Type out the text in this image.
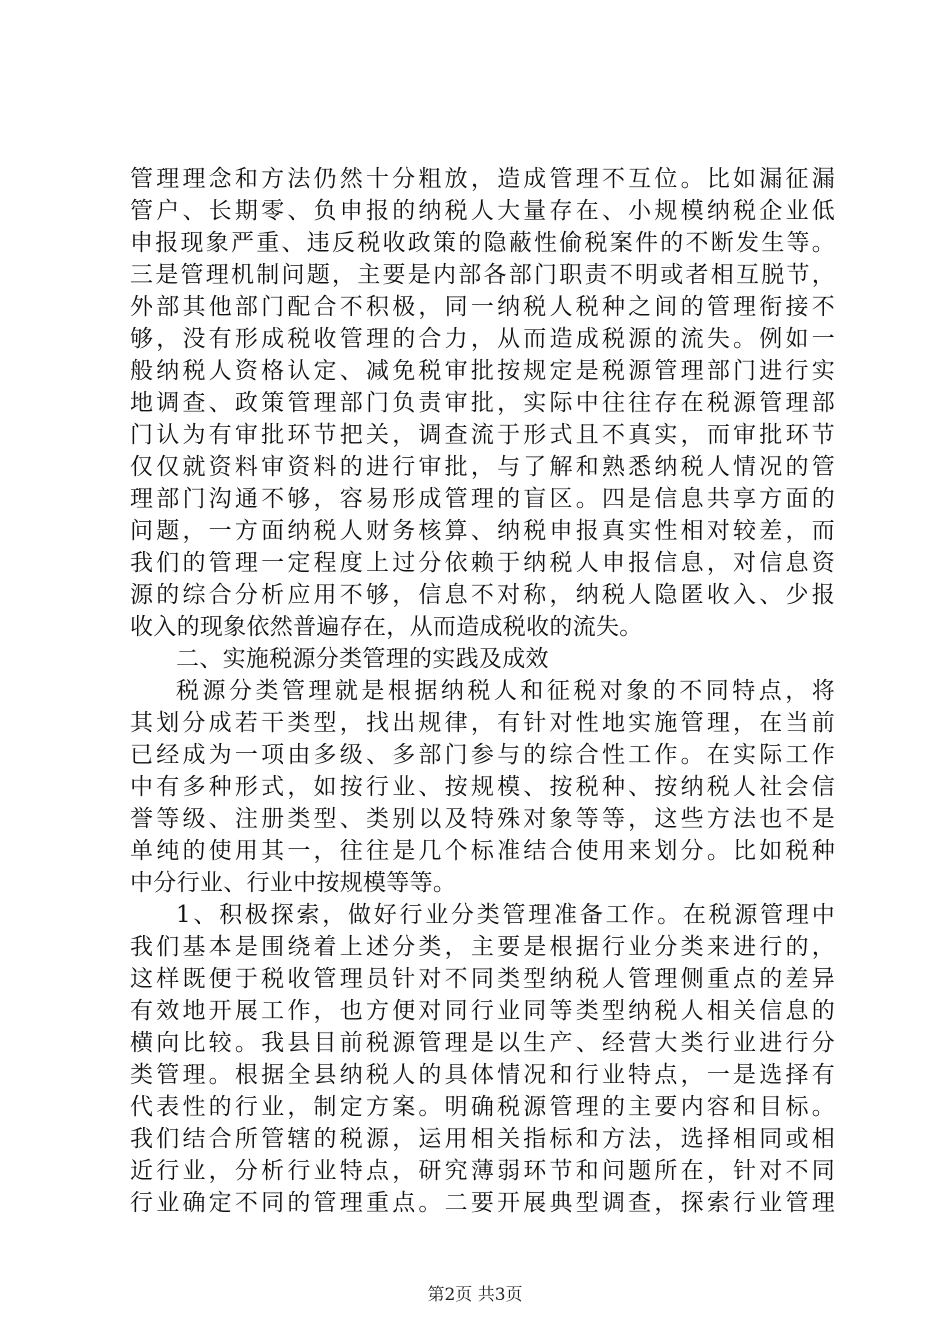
管理理念和方法仍然十分粗放，造成管理不互位。比如漏征漏
管户、长期零、负申报的纳税人大量存在、小规模纳税企业低
申报现象严重、违反税收政策的隐蔽性偷税案件的不断发生等。
三是管理机制问题，主要是内部各部门职责不明或者相互脱节，
外部其他部门配合不积极，同一纳税人税种之间的管理衔接不
够，没有形成税收管理的合力，从而造成税源的流失。例如一
般纳税人资格认定、减免税审批按规定是税源管理部门进行实
地调查、政策管理部门负责审批，实际中往往存在税源管理部
门认为有审批环节把关，调查流于形式且不真实，而审批环节
仅仅就资料审资料的进行审批，与了解和熟悉纳税人情况的管
理部门沟通不够，容易形成管理的盲区。四是信息共享方面的
问题，一方面纳税人财务核算、纳税申报真实性相对较差，而
我们的管理一定程度上过分依赖于纳税人申报信息，对信息资
源的综合分析应用不够，信息不对称，纳税人隐匿收入、少报
收入的现象依然普遍存在，从而造成税收的流失。
二、实施税源分类管理的实践及成效
税源分类管理就是根据纳税人和征税对象的不同特点，将
其划分成若干类型，找出规律，有针对性地实施管理，在当前
已经成为一项由多级、多部门参与的综合性工作。在实际工作
中有多种形式，如按行业、按规模、按税种、按纳税人社会信
誉等级、注册类型、类别以及特殊对象等等，这些方法也不是
单纯的使用其一，往往是几个标准结合使用来划分。比如税种
中分行业、行业中按规模等等。
1、积极探索，做好行业分类管理准备工作。在税源管理中
我们基本是围绕着上述分类，主要是根据行业分类来进行的，
这样既便于税收管理员针对不同类型纳税人管理侧重点的差异
有效地开展工作，也方便对同行业同等类型纳税人相关信息的
横向比较。我县目前税源管理是以生产、经营大类行业进行分
类管理。根据全县纳税人的具体情况和行业特点，一是选择有
代表性的行业，制定方案。明确税源管理的主要内容和目标。
我们结合所管辖的税源，运用相关指标和方法，选择相同或相
近行业，分析行业特点，研究薄弱环节和问题所在，针对不同
行业确定不同的管理重点。二要开展典型调查，探索行业管理
第2页 共3页
